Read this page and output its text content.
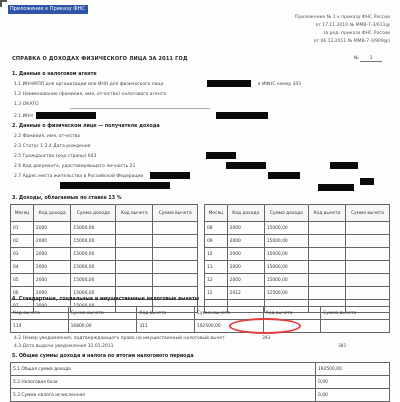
Приложение к Приказу ФНС
Приложение № 1 к приказу ФНС России
от 17.11.2010 № ММВ-7-3/611@
(в ред. приказа ФНС России
от 06.12.2011 № ММВ-7-3/909@)
СПРАВКА О ДОХОДАХ ФИЗИЧЕСКОГО ЛИЦА ЗА 2011 ГОД	№ 1
1. Данные о налоговом агенте
1.1 ИНН/КПП для организации или ИНН для физического лица	в ИФНС номер 343
1.2 Наименование (фамилия, имя, отчество) налогового агента
1.3 ОКАТО
2. Данные о физическом лице — получателе дохода
2.1 ИНН
2.2 Фамилия, имя, отчество
2.3 Статус 1 2.4 Дата рождения
2.5 Гражданство (код страны) 643
2.6 Код документа, удостоверяющего личность 21
2.7 Адрес места жительства в Российской Федерации
3. Доходы, облагаемые по ставке 13 %
Месяц	Код дохода	Сумма дохода	Код вычета	Сумма вычета
01	2000	15000,00		
02	2000	15000,00		
03	2000	15000,00		
04	2000	15000,00		
05	2000	15000,00		
06	2000	15000,00		
07	2000	15000,00		
Месяц	Код дохода	Сумма дохода	Код вычета	Сумма вычета
08	2000	15000,00		
09	2000	15000,00		
10	2000	15000,00		
11	2000	15000,00		
12	2000	15000,00		
12	2012	12500,00		

4. Стандартные, социальные и имущественные налоговые вычеты
Код вычета	Сумма вычета	Код вычета	Сумма вычета	Код вычета	Сумма вычета
114	16800,00	311	192500,00		
4.2 Номер уведомления, подтверждающего право на имущественный налоговый вычет	393
4.3 Дата выдачи уведомления 31.01.2011	381
5. Общие суммы дохода и налога по итогам налогового периода
5.1 Общая сумма дохода	192500,00
5.2 Налоговая база	0,00
5.3 Сумма налога исчисленная	0,00
